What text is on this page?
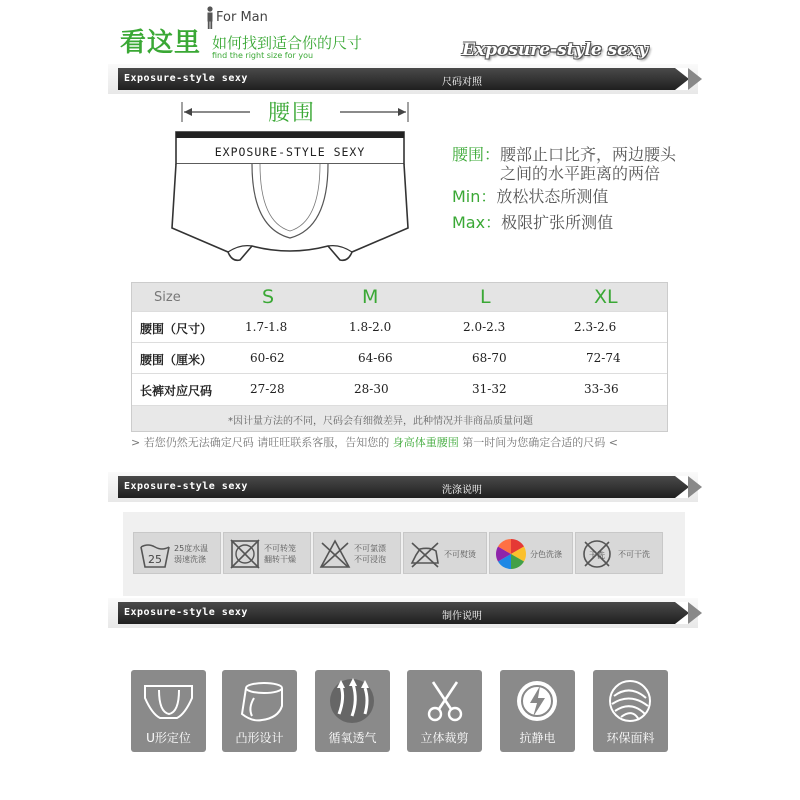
看这里
For Man
如何找到适合你的尺寸
find the right size for you	Exposure-style sexy
Exposure-style sexy	尺码对照
腰围
EXPOSURE-STYLE SEXY	腰围：腰部止口比齐，两边腰头
之间的水平距离的两倍
Min：放松状态所测值
Max：极限扩张所测值
Size	S	M	L	XL
腰围（尺寸）	1.7-1.8	1.8-2.0	2.0-2.3	2.3-2.6
腰围（厘米）	60-62	64-66	68-70	72-74
长裤对应尺码	27-28	28-30	31-32	33-36
*因计量方法的不同，尺码会有细微差异，此种情况并非商品质量问题
> 若您仍然无法确定尺码 请旺旺联系客服，告知您的 身高体重腰围 第一时间为您确定合适的尺码 <
Exposure-style sexy	洗涤说明
25
25度水温
弱速洗涤
不可转笼
翻转干燥
不可氯漂
不可浸泡
不可熨烫	分色洗涤	干洗 不可干洗
Exposure-style sexy	制作说明
U形定位	凸形设计	循氧透气	立体裁剪	抗静电	环保面料
